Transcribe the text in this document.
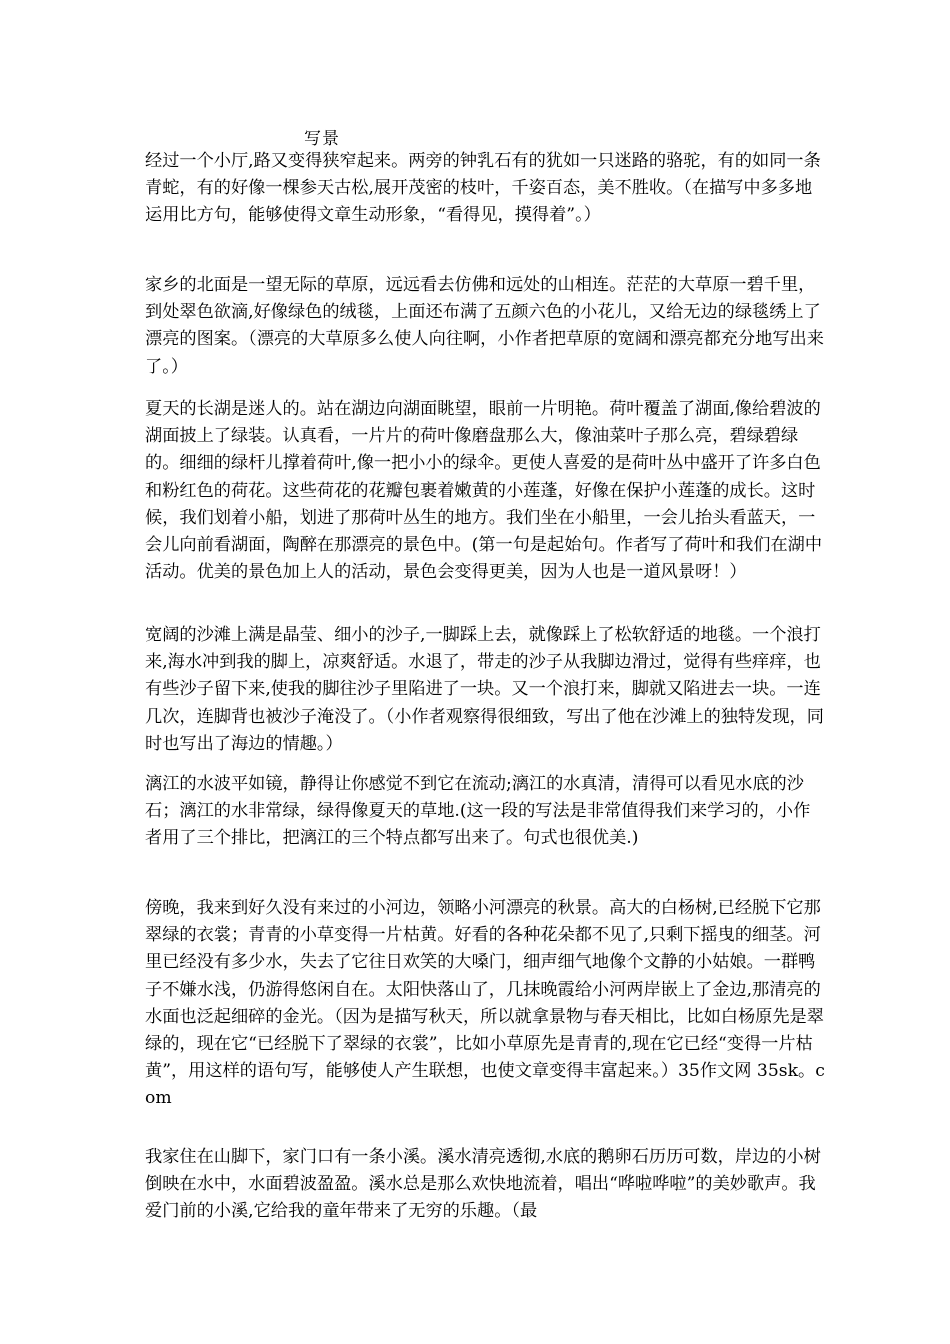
写景
经过一个小厅,路又变得狭窄起来。两旁的钟乳石有的犹如一只迷路的骆驼，有的如同一条青蛇，有的好像一棵参天古松,展开茂密的枝叶，千姿百态，美不胜收。（在描写中多多地运用比方句，能够使得文章生动形象，“看得见，摸得着”。）
家乡的北面是一望无际的草原，远远看去仿佛和远处的山相连。茫茫的大草原一碧千里，到处翠色欲滴,好像绿色的绒毯，上面还布满了五颜六色的小花儿，又给无边的绿毯绣上了漂亮的图案。（漂亮的大草原多么使人向往啊，小作者把草原的宽阔和漂亮都充分地写出来了。）
夏天的长湖是迷人的。站在湖边向湖面眺望，眼前一片明艳。荷叶覆盖了湖面,像给碧波的湖面披上了绿装。认真看，一片片的荷叶像磨盘那么大，像油菜叶子那么亮，碧绿碧绿的。细细的绿杆儿撑着荷叶,像一把小小的绿伞。更使人喜爱的是荷叶丛中盛开了许多白色和粉红色的荷花。这些荷花的花瓣包裹着嫩黄的小莲蓬，好像在保护小莲蓬的成长。这时候，我们划着小船，划进了那荷叶丛生的地方。我们坐在小船里，一会儿抬头看蓝天，一会儿向前看湖面，陶醉在那漂亮的景色中。(第一句是起始句。作者写了荷叶和我们在湖中活动。优美的景色加上人的活动，景色会变得更美，因为人也是一道风景呀！）
宽阔的沙滩上满是晶莹、细小的沙子,一脚踩上去，就像踩上了松软舒适的地毯。一个浪打来,海水冲到我的脚上，凉爽舒适。水退了，带走的沙子从我脚边滑过，觉得有些痒痒，也有些沙子留下来,使我的脚往沙子里陷进了一块。又一个浪打来，脚就又陷进去一块。一连几次，连脚背也被沙子淹没了。（小作者观察得很细致，写出了他在沙滩上的独特发现，同时也写出了海边的情趣。）
漓江的水波平如镜，静得让你感觉不到它在流动;漓江的水真清，清得可以看见水底的沙石；漓江的水非常绿，绿得像夏天的草地.(这一段的写法是非常值得我们来学习的，小作者用了三个排比，把漓江的三个特点都写出来了。句式也很优美.)
傍晚，我来到好久没有来过的小河边，领略小河漂亮的秋景。高大的白杨树,已经脱下它那翠绿的衣裳；青青的小草变得一片枯黄。好看的各种花朵都不见了,只剩下摇曳的细茎。河里已经没有多少水，失去了它往日欢笑的大嗓门，细声细气地像个文静的小姑娘。一群鸭子不嫌水浅，仍游得悠闲自在。太阳快落山了，几抹晚霞给小河两岸嵌上了金边,那清亮的水面也泛起细碎的金光。（因为是描写秋天，所以就拿景物与春天相比，比如白杨原先是翠绿的，现在它“已经脱下了翠绿的衣裳”，比如小草原先是青青的,现在它已经“变得一片枯黄”，用这样的语句写，能够使人产生联想，也使文章变得丰富起来。）35作文网 35sk。com
我家住在山脚下，家门口有一条小溪。溪水清亮透彻,水底的鹅卵石历历可数，岸边的小树倒映在水中，水面碧波盈盈。溪水总是那么欢快地流着，唱出“哗啦哗啦”的美妙歌声。我爱门前的小溪,它给我的童年带来了无穷的乐趣。（最
